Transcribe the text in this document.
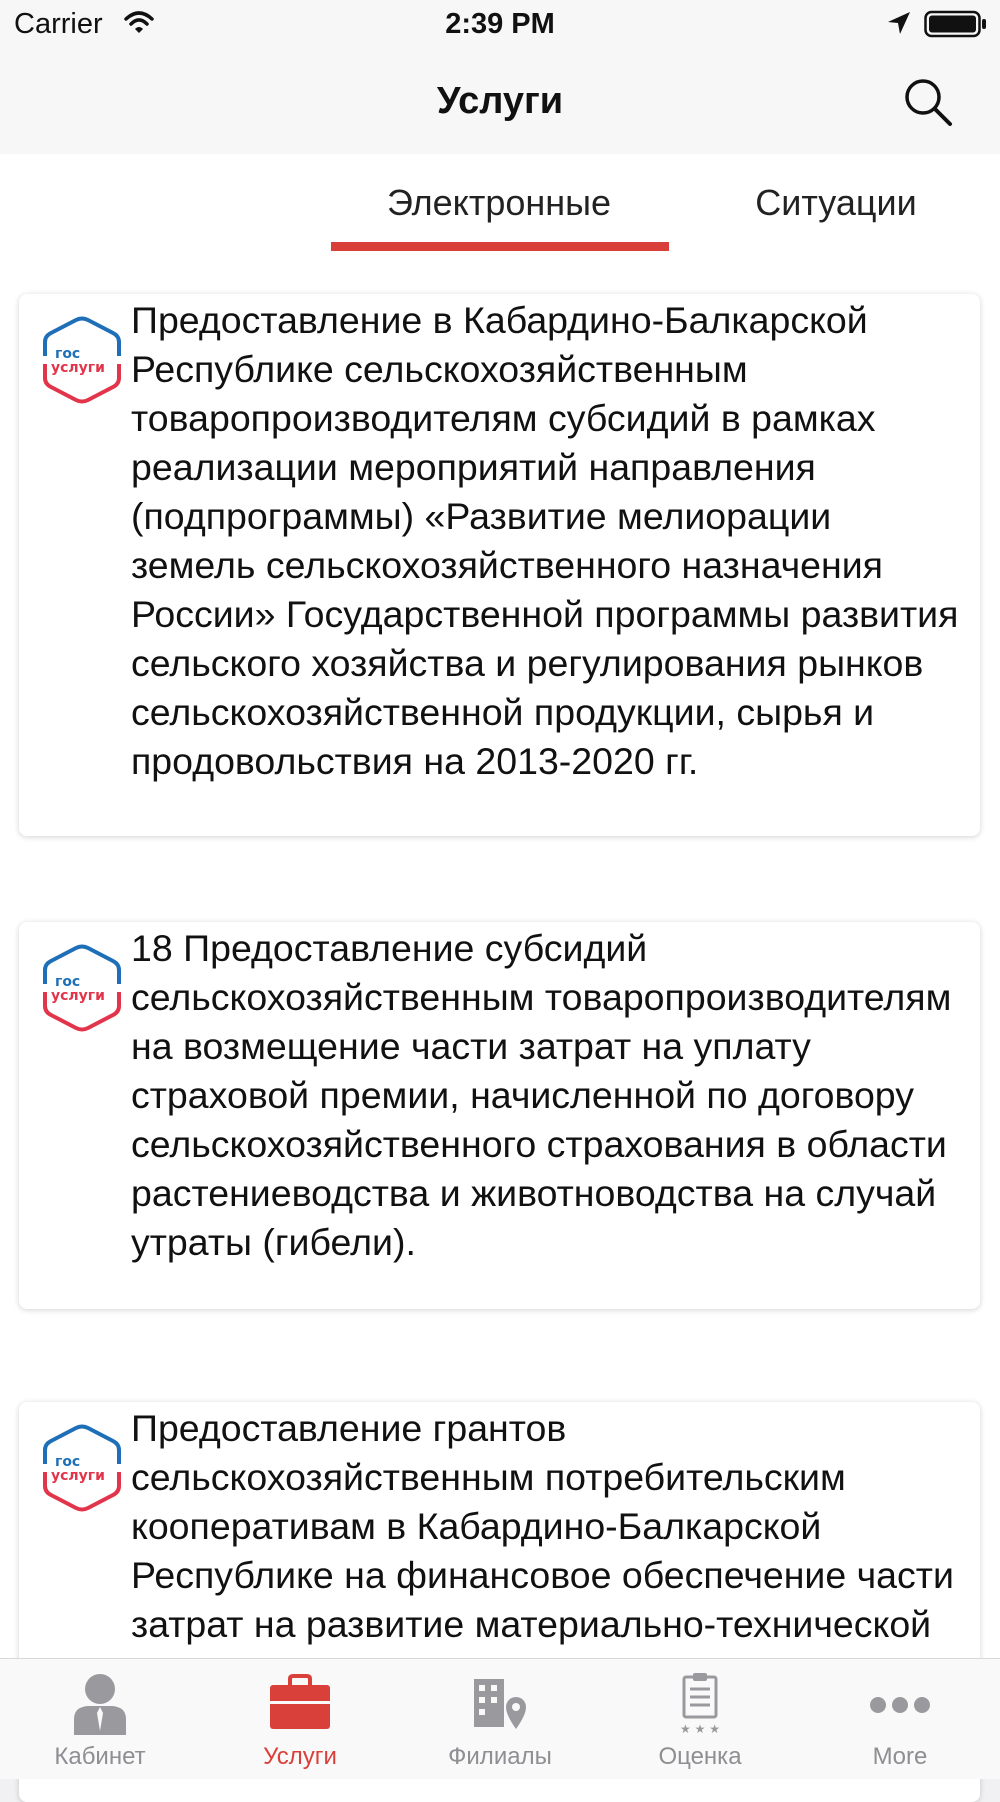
Carrier	2:39 PM
Услуги
Электронные	Ситуации
гос
услуги
Предоставление в Кабардино-Балкарской Республике сельскохозяйственным товаропроизводителям субсидий в рамках реализации мероприятий направления (подпрограммы) «Развитие мелиорации земель сельскохозяйственного назначения России» Государственной программы развития сельского хозяйства и регулирования рынков сельскохозяйственной продукции, сырья и продовольствия на 2013-2020 гг.
гос
услуги
18 Предоставление субсидий сельскохозяйственным товаропроизводителям на возмещение части затрат на уплату страховой премии, начисленной по договору сельскохозяйственного страхования в области растениеводства и животноводства на случай утраты (гибели).
гос
услуги
Предоставление грантов сельскохозяйственным потребительским кооперативам в Кабардино-Балкарской Республике на финансовое обеспечение части затрат на развитие материально-технической
Кабинет	Услуги	Филиалы
★ ★ ★
Оценка	More
